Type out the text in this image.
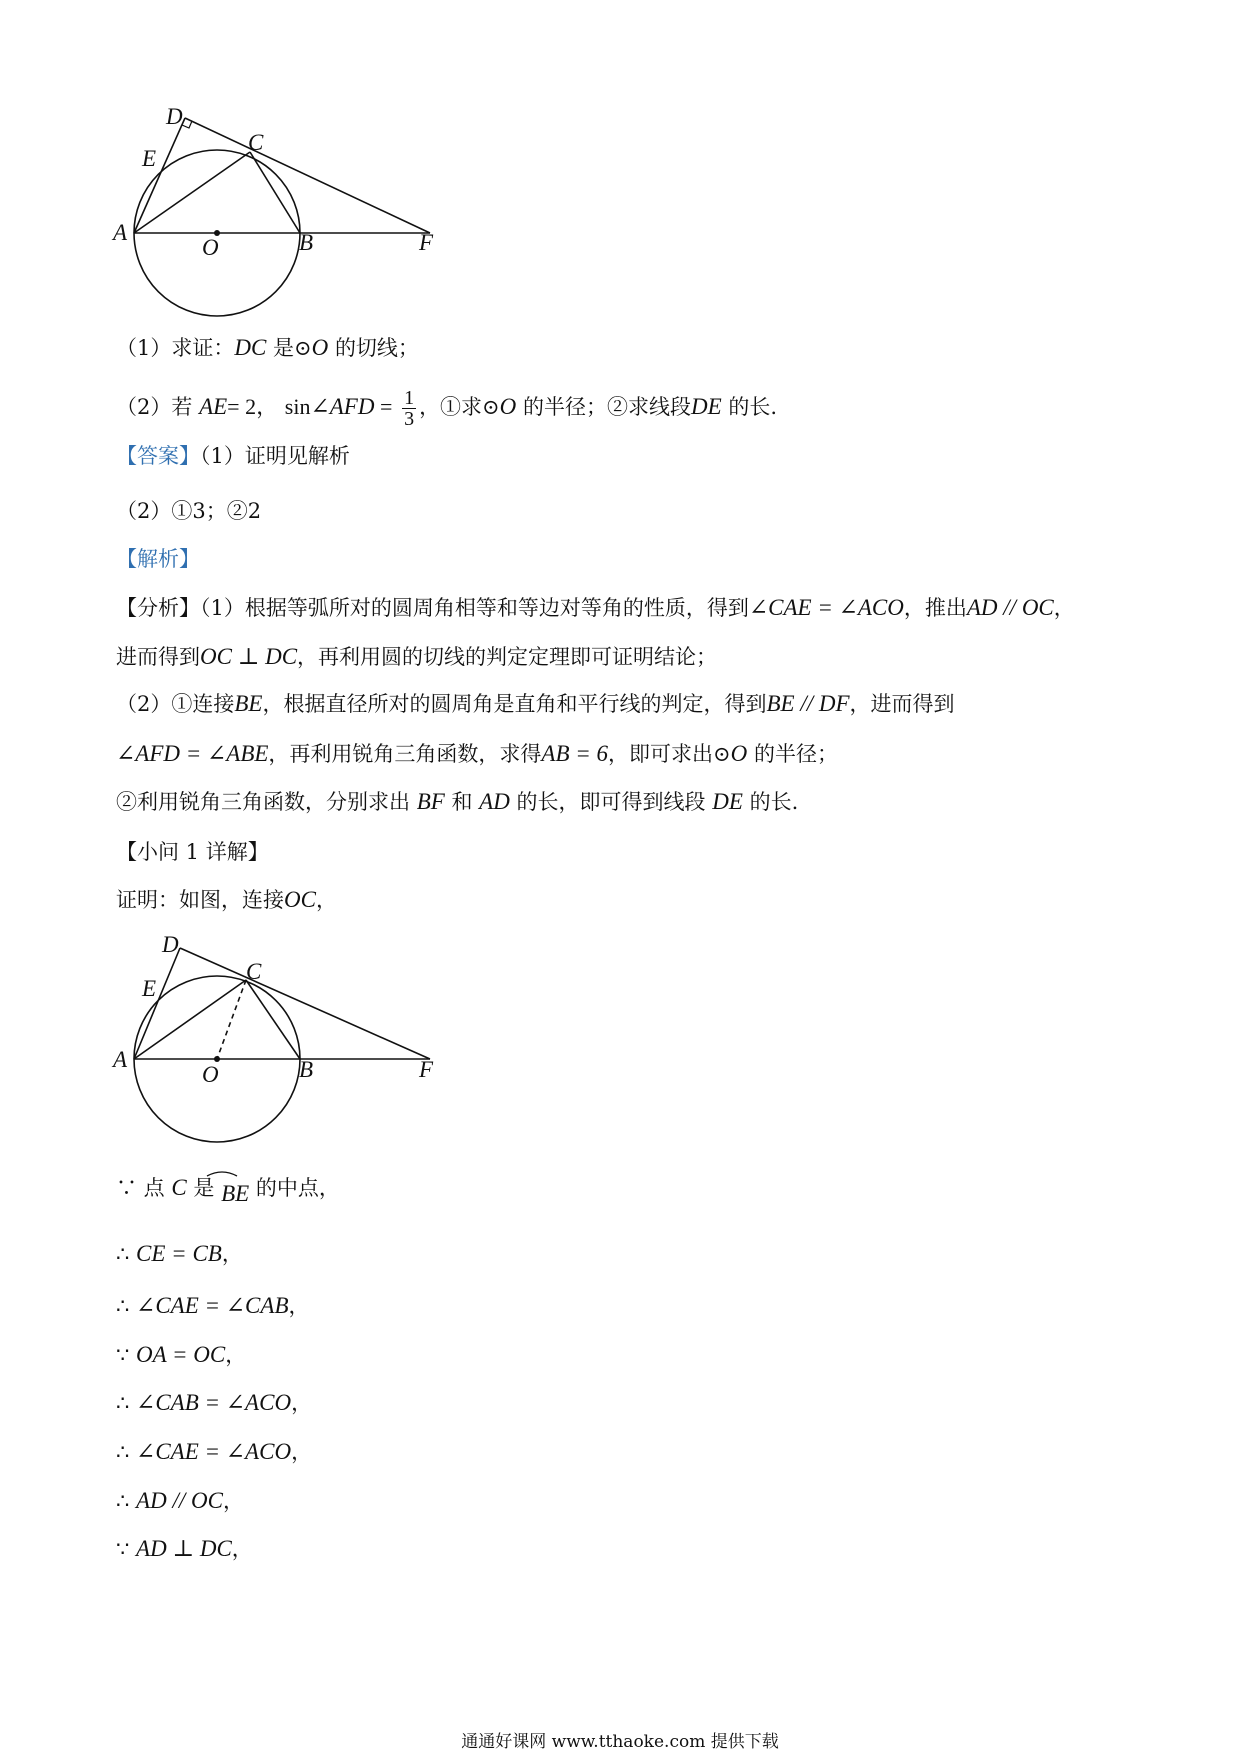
D
E
C
A
O	B	F
D
E
C
A
O	B	F
（1）求证：DC 是⊙O 的切线；
（2）若 AE= 2， sin∠AFD = $\frac{1}{3}$ ，①求⊙O 的半径；②求线段DE 的长.
【答案】（1）证明见解析
（2）①3；②2
【解析】
【分析】（1）根据等弧所对的圆周角相等和等边对等角的性质，得到∠CAE = ∠ACO，推出AD // OC，
进而得到OC ⊥ DC，再利用圆的切线的判定定理即可证明结论；
（2）①连接BE，根据直径所对的圆周角是直角和平行线的判定，得到BE // DF，进而得到
∠AFD = ∠ABE，再利用锐角三角函数，求得AB = 6，即可求出⊙O 的半径；
②利用锐角三角函数，分别求出 BF 和 AD 的长，即可得到线段 DE 的长.
【小问 1 详解】
证明：如图，连接OC，
∵ 点 C 是 BE 的中点，
∴ CE = CB，
∴ ∠CAE = ∠CAB，
∵ OA = OC，
∴ ∠CAB = ∠ACO，
∴ ∠CAE = ∠ACO，
∴ AD // OC，
∵ AD ⊥ DC，
通通好课网 www.tthaoke.com 提供下载
